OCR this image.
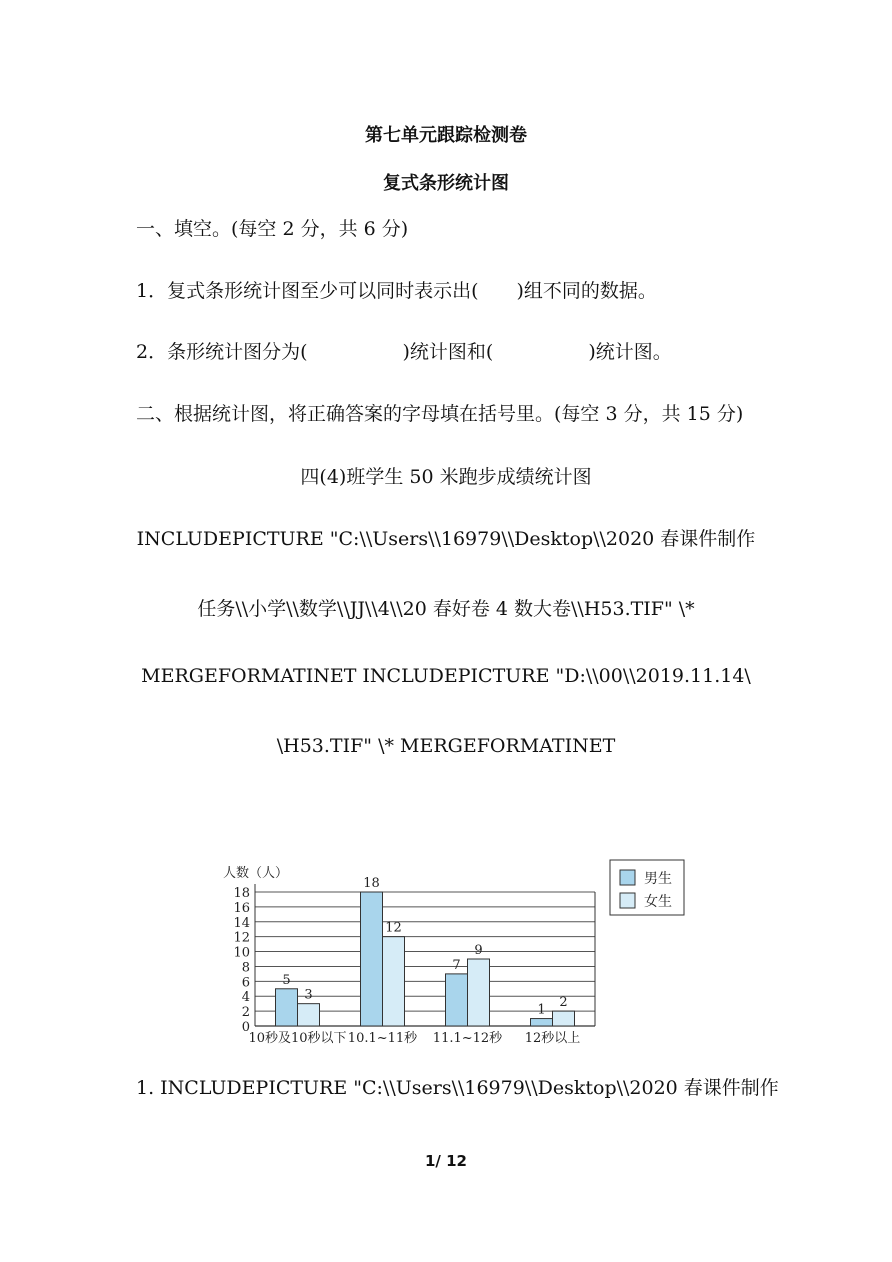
第七单元跟踪检测卷
复式条形统计图
一、填空。(每空 2 分，共 6 分)
1．复式条形统计图至少可以同时表示出(　　)组不同的数据。
2．条形统计图分为(　　　　　)统计图和(　　　　　)统计图。
二、根据统计图，将正确答案的字母填在括号里。(每空 3 分，共 15 分)
四(4)班学生 50 米跑步成绩统计图
INCLUDEPICTURE "C:\\Users\\16979\\Desktop\\2020 春课件制作
任务\\小学\\数学\\JJ\\4\\20 春好卷 4 数大卷\\H53.TIF" \*
MERGEFORMATINET INCLUDEPICTURE "D:\\00\\2019.11.14\
\H53.TIF" \* MERGEFORMATINET
0
2
4
6
8
10
12
14
16
18
人数（人）
5
3
10秒及10秒以下
18
12
10.1~11秒
7
9
11.1~12秒
1 2
12秒以上
男生
女生
1. INCLUDEPICTURE "C:\\Users\\16979\\Desktop\\2020 春课件制作
1/ 12
